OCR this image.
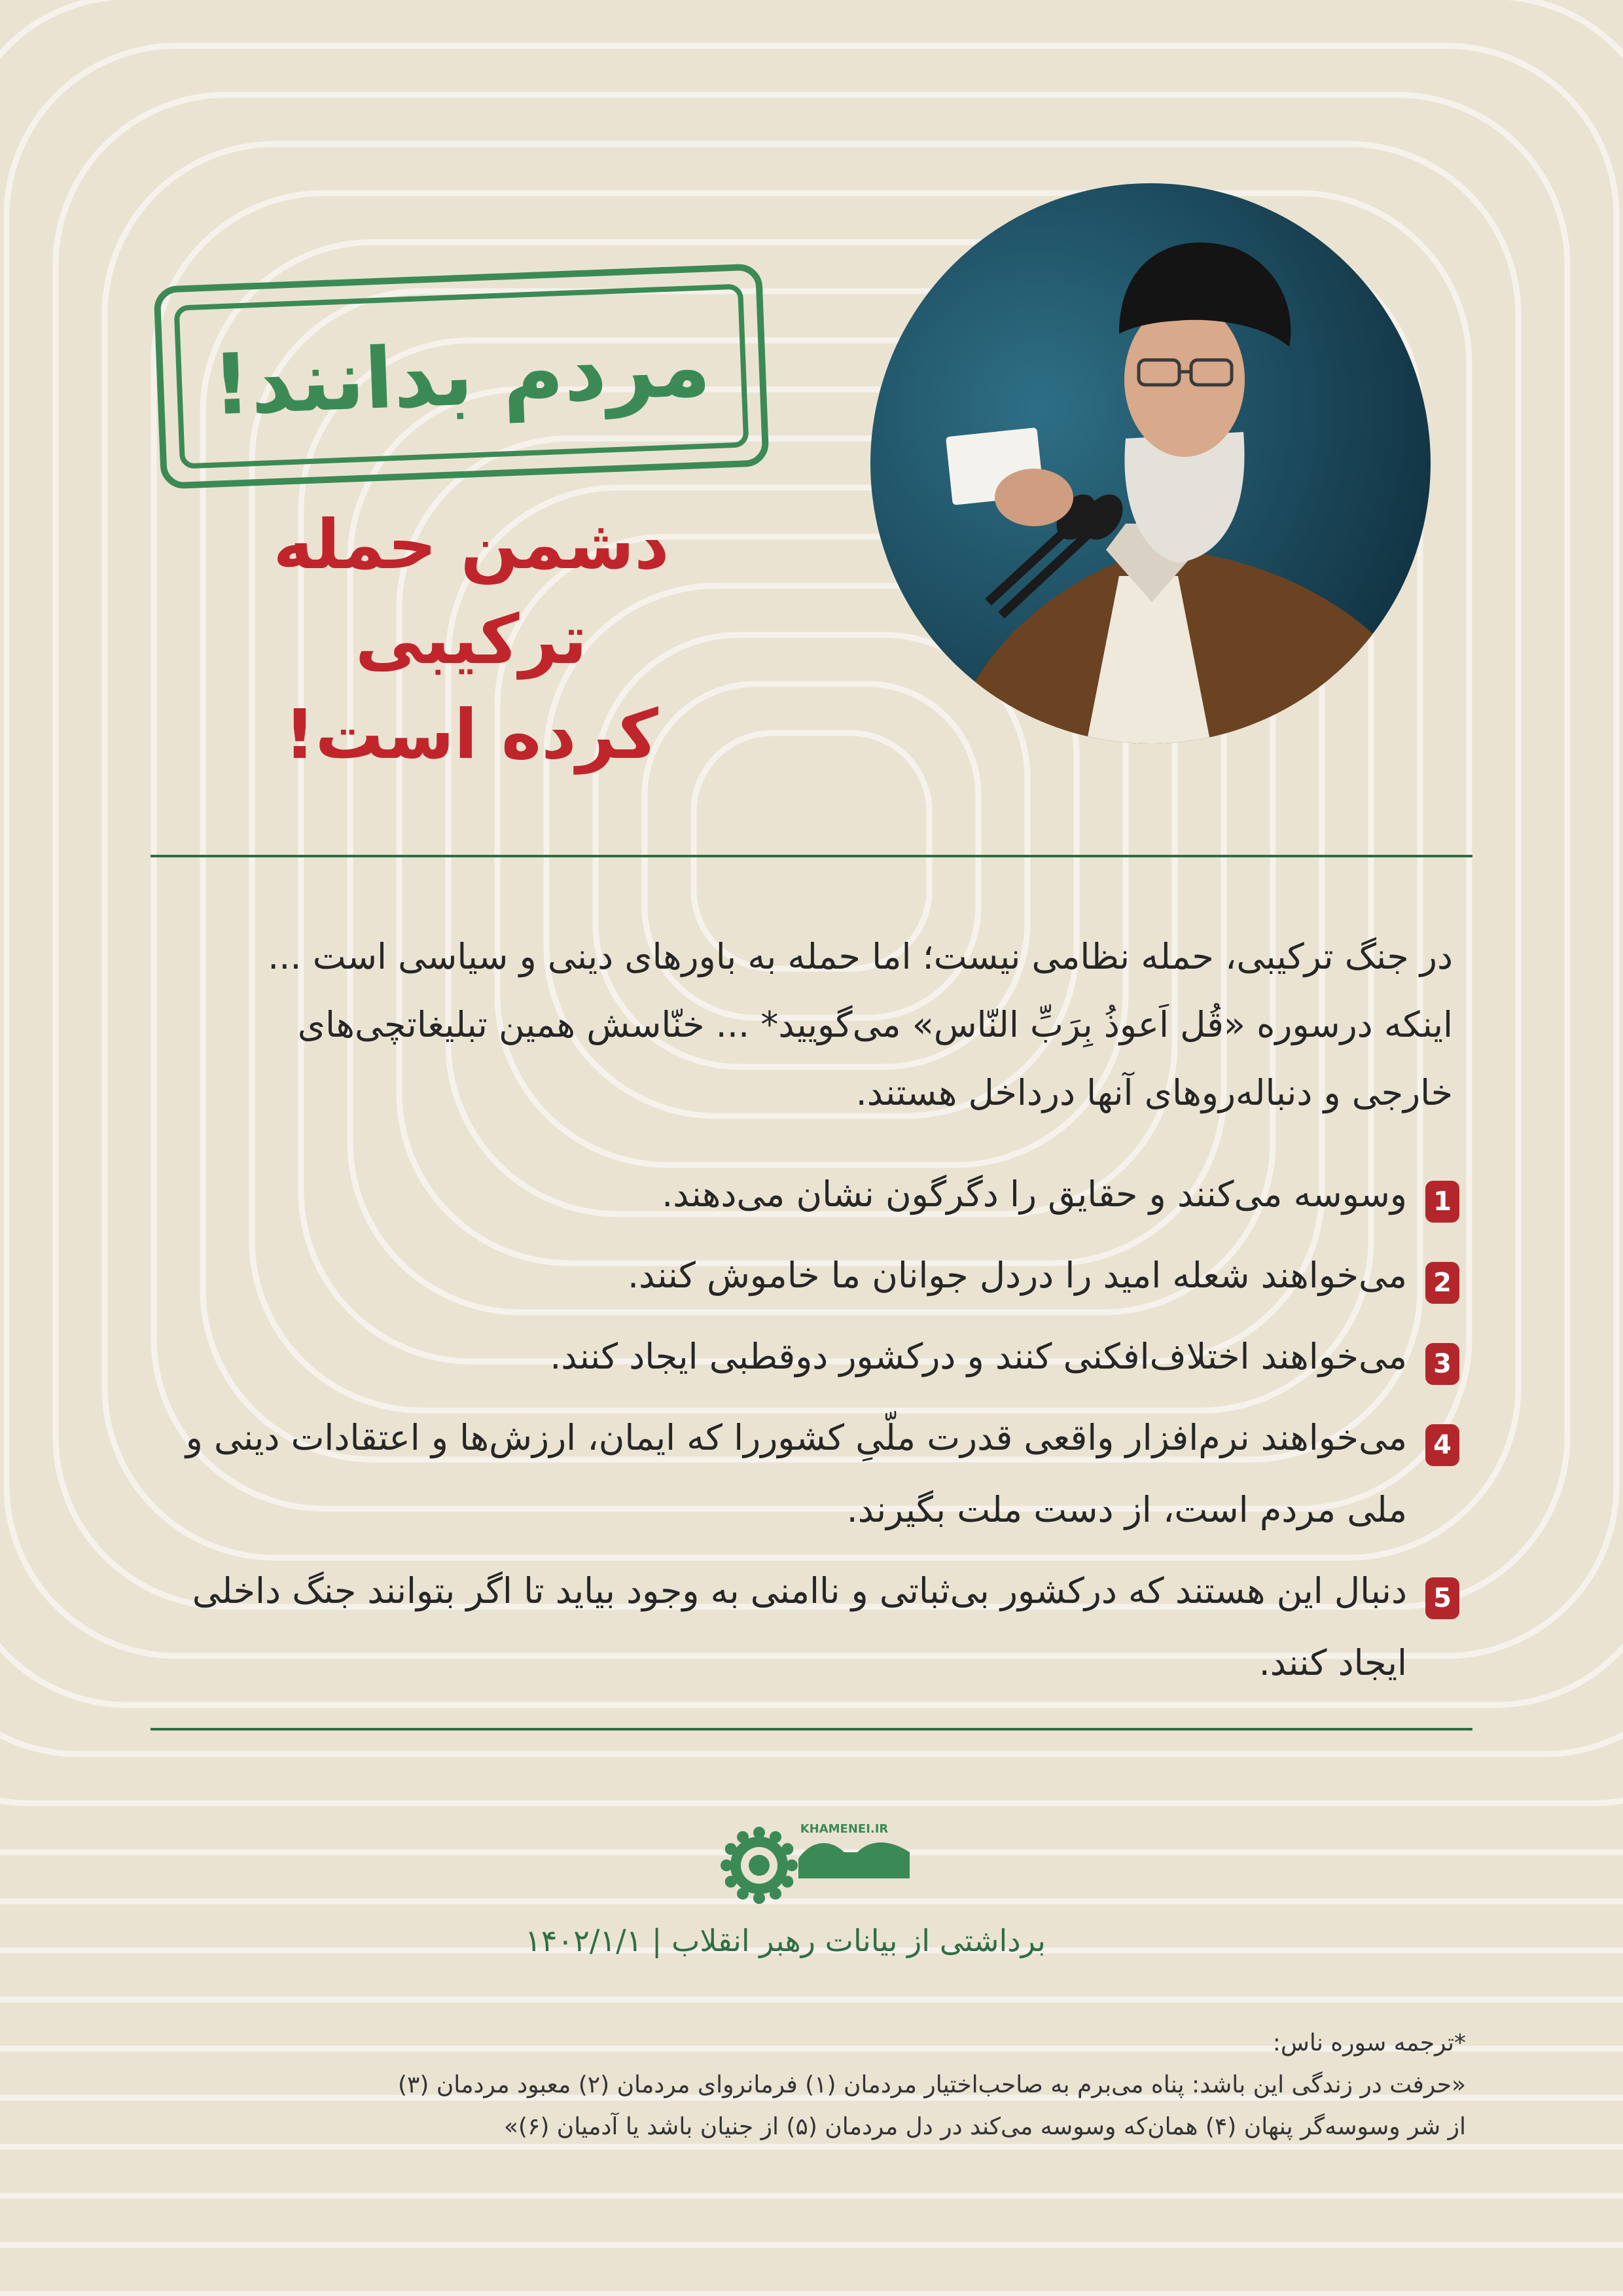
مردم بدانند!
دشمن حمله ترکیبی
کرده است!
در جنگ ترکیبی، حمله نظامی نیست؛ اما حمله به باورهای دینی و سیاسی است ...
اینکه درسوره «قُل اَعوذُ بِرَبِّ النّاس» می‌گویید* ... خنّاسش همین تبلیغاتچی‌های
خارجی و دنباله‌روهای آنها درداخل هستند.
1
وسوسه می‌کنند و حقایق را دگرگون نشان می‌دهند.
2
می‌خواهند شعله امید را دردل جوانان ما خاموش کنند.
3
می‌خواهند اختلاف‌افکنی کنند و درکشور دوقطبی ایجاد کنند.
4
می‌خواهند نرم‌افزار واقعی قدرت ملّیِ کشوررا که ایمان، ارزش‌ها و اعتقادات دینی و ملی مردم است، از دست ملت بگیرند.
5
دنبال این هستند که درکشور بی‌ثباتی و ناامنی به وجود بیاید تا اگر بتوانند جنگ داخلی ایجاد کنند.
KHAMENEI.IR
برداشتی از بیانات رهبر انقلاب | ۱۴۰۲/۱/۱
*ترجمه سوره ناس:
«حرفت در زندگی این باشد: پناه می‌برم به صاحب‌اختیار مردمان (۱) فرمانروای مردمان (۲) معبود مردمان (۳)
از شر وسوسه‌گر پنهان (۴) همان‌که وسوسه می‌کند در دل مردمان (۵) از جنیان باشد یا آدمیان (۶)»
